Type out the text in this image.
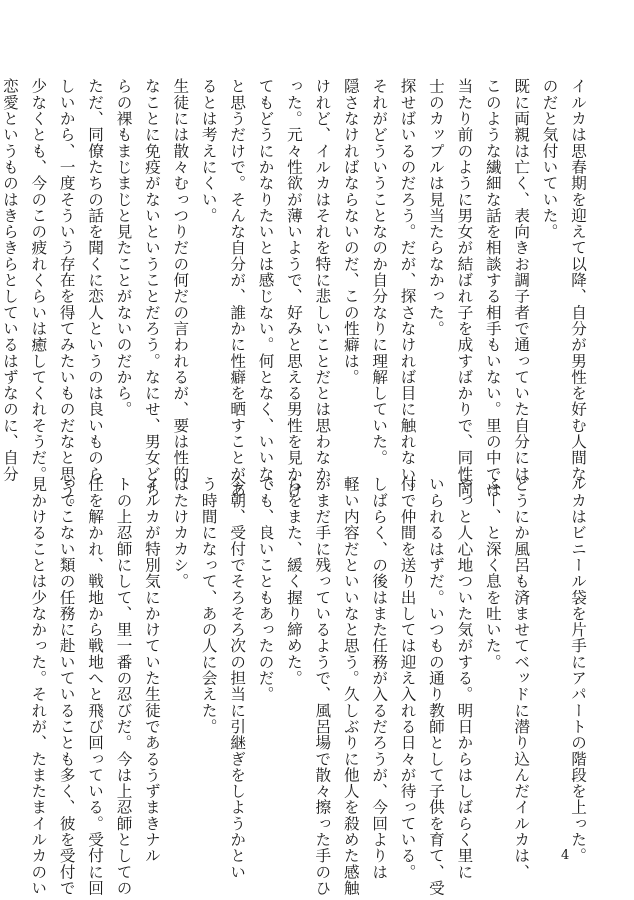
イルカは思春期を迎えて以降、自分が男性を好む人間な

のだと気付いていた。

既に両親は亡く、表向きお調子者で通っていた自分には

このような繊細な話を相談する相手もいない。里の中では

当たり前のように男女が結ばれ子を成すばかりで、同性同

士のカップルは見当たらなかった。

探せばいるのだろう。だが、探さなければ目に触れない。

それがどういうことなのか自分なりに理解していた。

隠さなければならないのだ、この性癖は。

けれど、イルカはそれを特に悲しいことだとは思わなか

った。元々性欲が薄いようで、好みと思える男性を見かけ

てもどうにかなりたいとは感じない。何となく、いいな、

と思うだけで。そんな自分が、誰かに性癖を晒すことがあ

るとは考えにくい。

生徒には散々むっつりだの何だの言われるが、要は性的

なことに免疫がないということだろう。なにせ、男女どち

らの裸もまじまじと見たことがないのだから。

ただ、同僚たちの話を聞くに恋人というのは良いものら

しいから、一度そういう存在を得てみたいものだなと思う。

少なくとも、今のこの疲れくらいは癒してくれそうだ。

恋愛というものはきらきらとしているはずなのに、自分

ルカはビニール袋を片手にアパートの階段を上った。

どうにか風呂も済ませてベッドに潜り込んだイルカは、

ふー、と深く息を吐いた。

やっと人心地ついた気がする。明日からはしばらく里に

いられるはずだ。いつもの通り教師として子供を育て、受

付で仲間を送り出しては迎え入れる日々が待っている。

しばらく、の後はまた任務が入るだろうが、今回よりは

軽い内容だといいなと思う。久しぶりに他人を殺めた感触

がまだ手に残っているようで、風呂場で散々擦った手のひ

らをまた、緩く握り締めた。

でも、良いこともあったのだ。

今朝、受付でそろそろ次の担当に引継ぎをしようかとい

う時間になって、あの人に会えた。

はたけカカシ。

イルカが特別気にかけていた生徒であるうずまきナル

トの上忍師にして、里一番の忍びだ。今は上忍師としての

任を解かれ、戦地から戦地へと飛び回っている。受付に回

ってこない類の任務に赴いていることも多く、彼を受付で

見かけることは少なかった。それが、たまたまイルカのい	4
